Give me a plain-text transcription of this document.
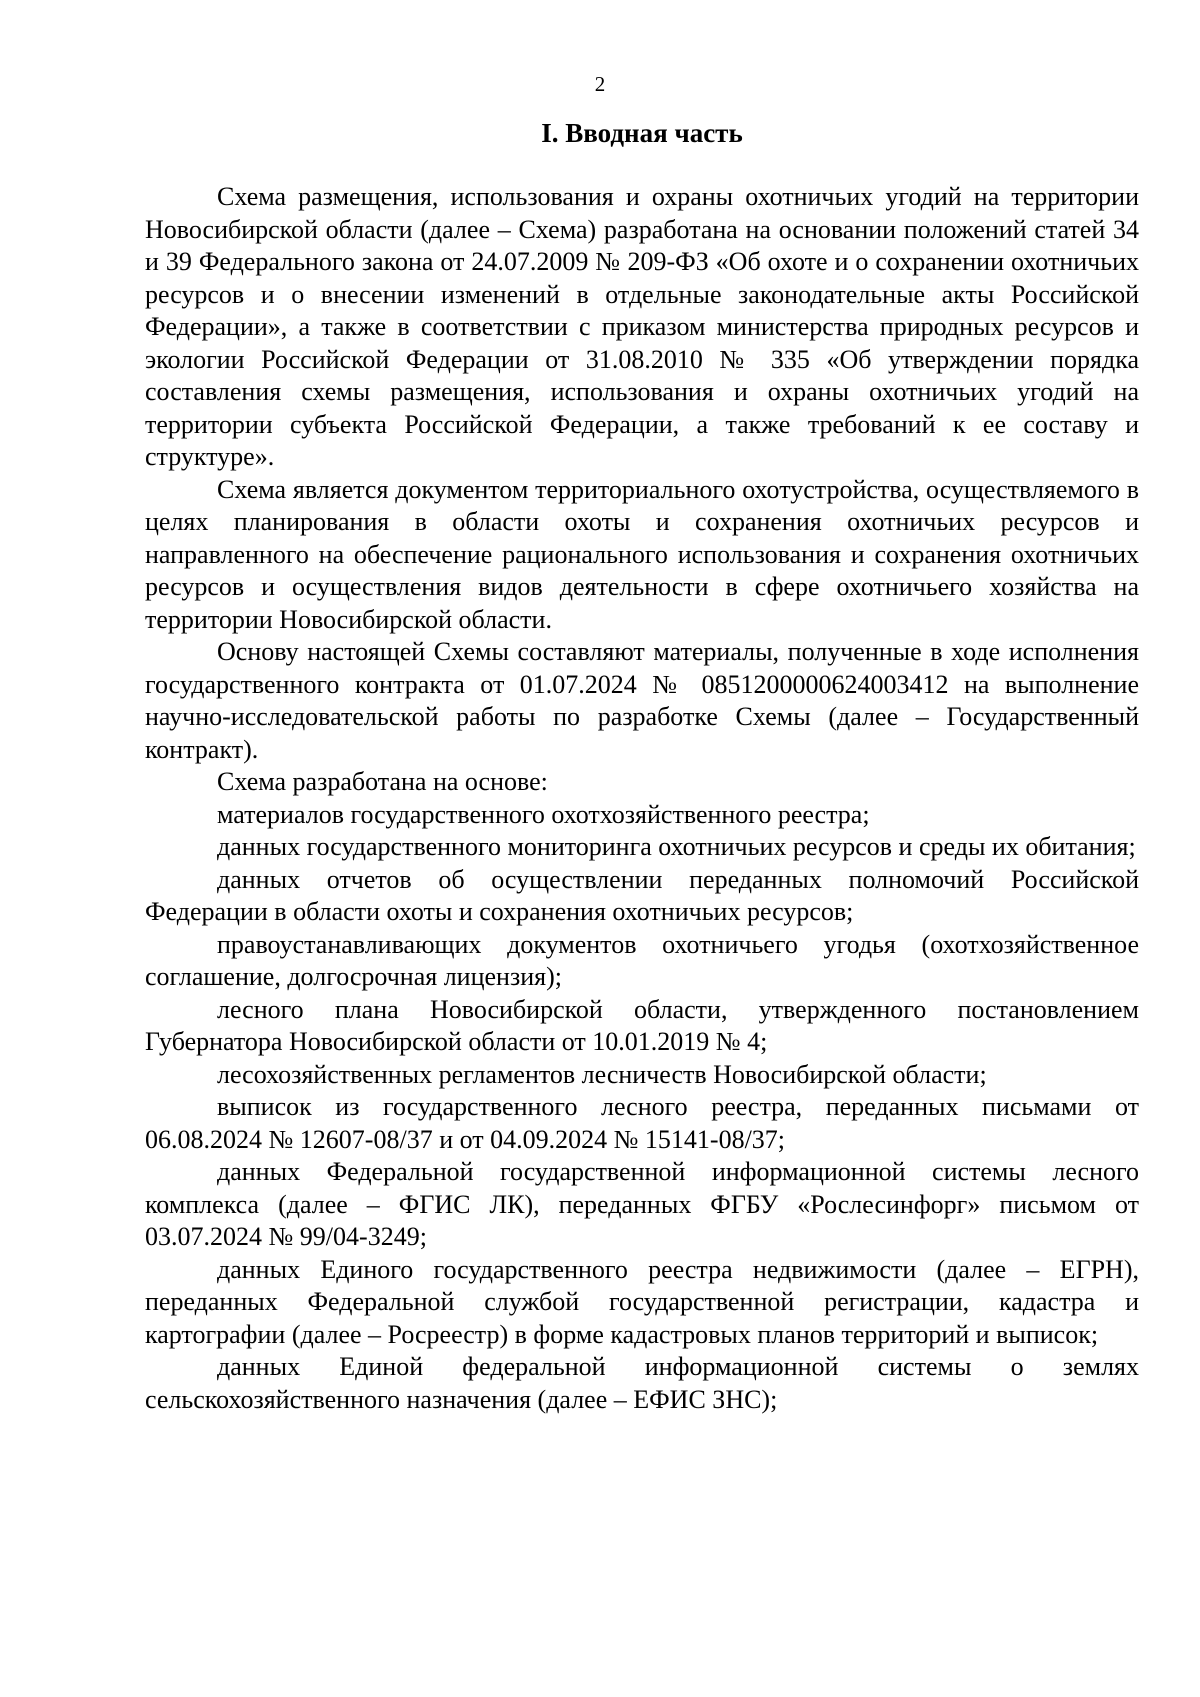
2

I. Вводная часть

Схема размещения, использования и охраны охотничьих угодий на территории Новосибирской области (далее – Схема) разработана на основании положений статей 34 и 39 Федерального закона от 24.07.2009 № 209-ФЗ «Об охоте и о сохранении охотничьих ресурсов и о внесении изменений в отдельные законодательные акты Российской Федерации», а также в соответствии с приказом министерства природных ресурсов и экологии Российской Федерации от 31.08.2010 № 335 «Об утверждении порядка составления схемы размещения, использования и охраны охотничьих угодий на территории субъекта Российской Федерации, а также требований к ее составу и структуре».

Схема является документом территориального охотустройства, осуществляемого в целях планирования в области охоты и сохранения охотничьих ресурсов и направленного на обеспечение рационального использования и сохранения охотничьих ресурсов и осуществления видов деятельности в сфере охотничьего хозяйства на территории Новосибирской области.

Основу настоящей Схемы составляют материалы, полученные в ходе исполнения государственного контракта от 01.07.2024 № 0851200000624003412 на выполнение научно-исследовательской работы по разработке Схемы (далее – Государственный контракт).

Схема разработана на основе:

материалов государственного охотхозяйственного реестра;

данных государственного мониторинга охотничьих ресурсов и среды их обитания;

данных отчетов об осуществлении переданных полномочий Российской Федерации в области охоты и сохранения охотничьих ресурсов;

правоустанавливающих документов охотничьего угодья (охотхозяйственное соглашение, долгосрочная лицензия);

лесного плана Новосибирской области, утвержденного постановлением Губернатора Новосибирской области от 10.01.2019 № 4;

лесохозяйственных регламентов лесничеств Новосибирской области;

выписок из государственного лесного реестра, переданных письмами от 06.08.2024 № 12607-08/37 и от 04.09.2024 № 15141-08/37;

данных Федеральной государственной информационной системы лесного комплекса (далее – ФГИС ЛК), переданных ФГБУ «Рослесинфорг» письмом от 03.07.2024 № 99/04-3249;

данных Единого государственного реестра недвижимости (далее – ЕГРН), переданных Федеральной службой государственной регистрации, кадастра и картографии (далее – Росреестр) в форме кадастровых планов территорий и выписок;

данных Единой федеральной информационной системы о землях сельскохозяйственного назначения (далее – ЕФИС ЗНС);
